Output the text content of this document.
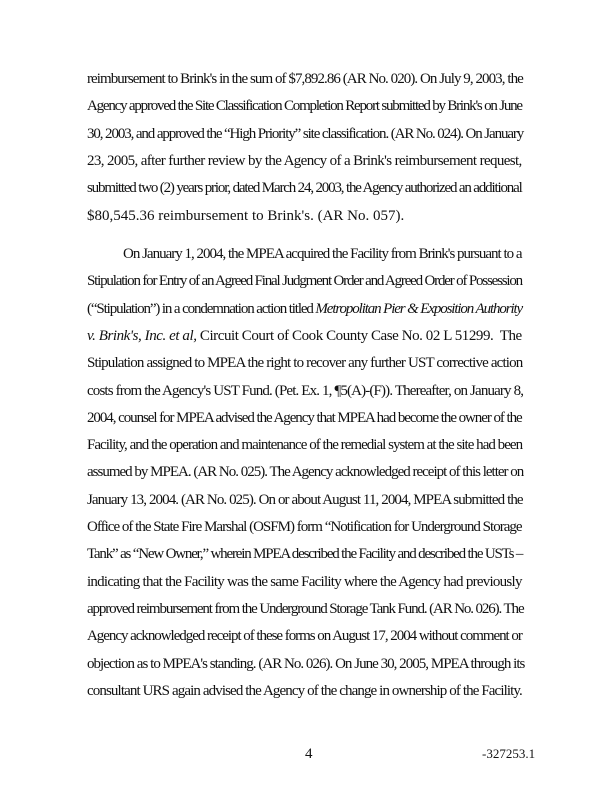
reimbursement to Brink's in the sum of $7,892.86 (AR No. 020). On July 9, 2003, the
Agency approved the Site Classification Completion Report submitted by Brink's on June
30, 2003, and approved the “High Priority” site classification. (AR No. 024). On January
23, 2005, after further review by the Agency of a Brink's reimbursement request,
submitted two (2) years prior, dated March 24, 2003, the Agency authorized an additional
$80,545.36 reimbursement to Brink's. (AR No. 057).
On January 1, 2004, the MPEA acquired the Facility from Brink's pursuant to a
Stipulation for Entry of an Agreed Final Judgment Order and Agreed Order of Possession
(“Stipulation”) in a condemnation action titled Metropolitan Pier & Exposition Authority
v. Brink's, Inc. et al, Circuit Court of Cook County Case No. 02 L 51299.  The
Stipulation assigned to MPEA the right to recover any further UST corrective action
costs from the Agency's UST Fund. (Pet. Ex. 1, ¶5(A)-(F)). Thereafter, on January 8,
2004, counsel for MPEA advised the Agency that MPEA had become the owner of the
Facility, and the operation and maintenance of the remedial system at the site had been
assumed by MPEA. (AR No. 025). The Agency acknowledged receipt of this letter on
January 13, 2004. (AR No. 025). On or about August 11, 2004, MPEA submitted the
Office of the State Fire Marshal (OSFM) form “Notification for Underground Storage
Tank” as “New Owner,” wherein MPEA described the Facility and described the USTs –
indicating that the Facility was the same Facility where the Agency had previously
approved reimbursement from the Underground Storage Tank Fund. (AR No. 026). The
Agency acknowledged receipt of these forms on August 17, 2004 without comment or
objection as to MPEA's standing. (AR No. 026). On June 30, 2005, MPEA through its
consultant URS again advised the Agency of the change in ownership of the Facility.
4	-327253.1
